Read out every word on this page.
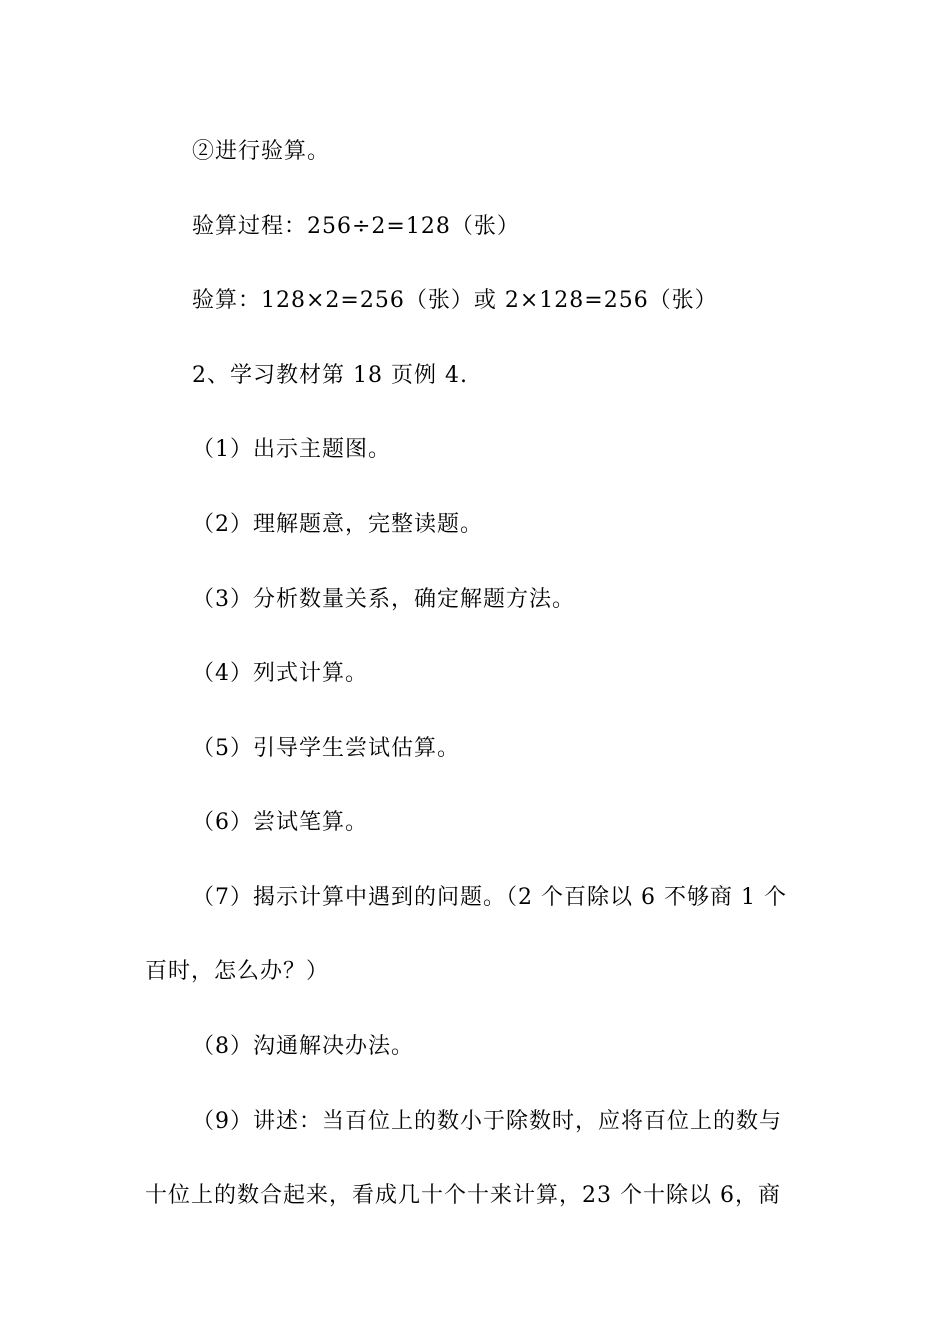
②进行验算。
验算过程：256÷2=128（张）
验算：128×2=256（张）或 2×128=256（张）
2、学习教材第 18 页例 4.
（1）出示主题图。
（2）理解题意，完整读题。
（3）分析数量关系，确定解题方法。
（4）列式计算。
（5）引导学生尝试估算。
（6）尝试笔算。
（7）揭示计算中遇到的问题。（2 个百除以 6 不够商 1 个
百时，怎么办？）
（8）沟通解决办法。
（9）讲述：当百位上的数小于除数时，应将百位上的数与
十位上的数合起来，看成几十个十来计算，23 个十除以 6，商
